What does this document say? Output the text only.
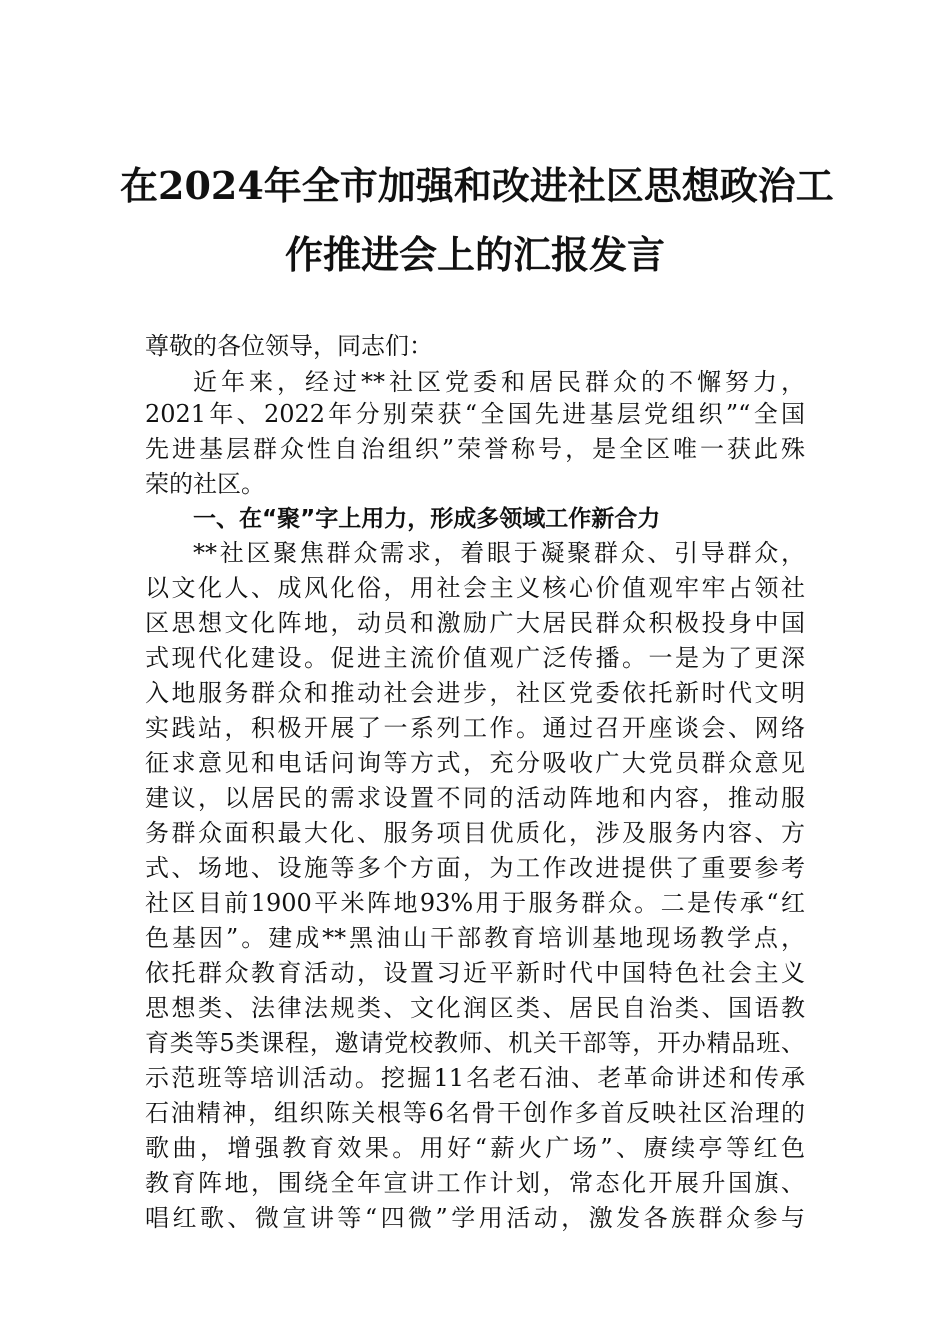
在2024年全市加强和改进社区思想政治工
作推进会上的汇报发言
尊敬的各位领导，同志们：
近年来，经过**社区党委和居民群众的不懈努力，
2021年、2022年分别荣获“全国先进基层党组织”“全国
先进基层群众性自治组织”荣誉称号，是全区唯一获此殊
荣的社区。
一、在“聚”字上用力，形成多领域工作新合力
**社区聚焦群众需求，着眼于凝聚群众、引导群众，
以文化人、成风化俗，用社会主义核心价值观牢牢占领社
区思想文化阵地，动员和激励广大居民群众积极投身中国
式现代化建设。促进主流价值观广泛传播。一是为了更深
入地服务群众和推动社会进步，社区党委依托新时代文明
实践站，积极开展了一系列工作。通过召开座谈会、网络
征求意见和电话问询等方式，充分吸收广大党员群众意见
建议，以居民的需求设置不同的活动阵地和内容，推动服
务群众面积最大化、服务项目优质化，涉及服务内容、方
式、场地、设施等多个方面，为工作改进提供了重要参考
社区目前1900平米阵地93%用于服务群众。二是传承“红
色基因”。建成**黑油山干部教育培训基地现场教学点，
依托群众教育活动，设置习近平新时代中国特色社会主义
思想类、法律法规类、文化润区类、居民自治类、国语教
育类等5类课程，邀请党校教师、机关干部等，开办精品班、
示范班等培训活动。挖掘11名老石油、老革命讲述和传承
石油精神，组织陈关根等6名骨干创作多首反映社区治理的
歌曲，增强教育效果。用好“薪火广场”、赓续亭等红色
教育阵地，围绕全年宣讲工作计划，常态化开展升国旗、
唱红歌、微宣讲等“四微”学用活动，激发各族群众参与
